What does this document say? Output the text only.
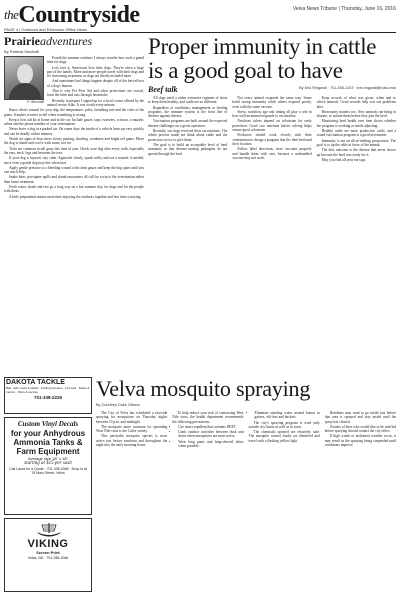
$^{the}$Countryside
PAGE 4 | Outdoors and Extension Office News
Velva News Tribune | Thursday, June 16, 2016
Prairieadventures
By Patricia Stockdill
P. Stockdill

Fourth the summer outdoors I always wonder how such a grand time for dogs.

Let's face it, Americans love their dogs. They're often a large part of the family. More and more people travel with their dogs and it's increasing awareness as dogs are finally included more.

And sometimes bad things happen despite all of the best efforts of a dog's human.

That is why Pet First Aid and other protections are crucial, from the bites and cuts through heatstroke.

Recently to prepare I signed up for a local course offered by the animal rescue folks. It was worth every minute.

Know what's normal for your dog: the temperature, pulse, breathing rate and the color of the gums. It makes it easier to tell when something is wrong.

Keep a first aid kit at home and in the car. Include gauze, tape, tweezers, scissors, a muzzle, saline and the phone number of your veterinarian.

Never leave a dog in a parked car. On warm days the inside of a vehicle heats up very quickly and can be deadly within minutes.

Watch for signs of heat stress: heavy panting, drooling, weakness and bright red gums. Move the dog to shade and cool it with water, not ice.

Ticks are common in tall grass this time of year. Check your dog after every walk, especially the ears, neck, legs and between the toes.

If your dog is injured, stay calm. Approach slowly, speak softly and use a muzzle if needed, since even a gentle dog may bite when hurt.

Apply gentle pressure to a bleeding wound with clean gauze and keep the dog quiet until you can reach help.

Snake bites, porcupine quills and skunk encounters all call for a trip to the veterinarian rather than home treatment.

Fresh water, shade and rest go a long way on a hot summer day, for dogs and for the people with them.

A little preparation means more time enjoying the outdoors together and less time worrying.

Proper immunity in cattle is a good goal to have
Beef talk	By Kris Ringwall · 701-456-1103 · kris.ringwall@ndsu.edu

All dogs need a rather extensive regimen of shots to keep them healthy, and cattle are no different.

Regardless of conditions, management or feeding programs, the immune system is the front line of defense against disease.

Vaccination programs are built around the expected disease challenges on a given operation.

Recently, our dogs received their vaccinations. The whole process made me think about cattle and the protection we try to give them.

The goal is to build an acceptable level of herd immunity so that disease-causing pathogens do not spread through the herd.

Not every animal responds the same way. Some build strong immunity while others respond poorly, even with the same vaccine.

Stress, nutrition, age and timing all play a role in how well an animal responds to vaccination.

Newborn calves depend on colostrum for early protection. Good cow nutrition before calving helps ensure good colostrum.

Producers should work closely with their veterinarian to design a program that fits their herd and their location.

Follow label directions, store vaccines properly and handle them with care, because a mishandled vaccine may not work.

Keep records of what was given, when and to which animals. Good records help sort out problems later.

Biosecurity matters too. New animals can bring in disease, so isolate them before they join the herd.

Monitoring herd health over time shows whether the program is working or needs adjusting.

Healthy cattle are more productive cattle, and a sound vaccination program is a good investment.

Immunity is not an all-or-nothing proposition. The goal is to tip the odds in favor of the animal.

The best outcome is the disease that never shows up because the herd was ready for it.

May you find all your ear tags.

DAKOTA TACKLE
Bait, rods, reels & tackle · Fishing licenses · Live bait · Boats & motors · Parts & service
701-338-2225
Custom Vinyl Decals
for your Anhydrous Ammonia Tanks & Farm Equipment
Average size 18" x 18"
starting at $15 per sash
Call Laura for a Quote · 701-338-2066 · Drop in at 75 Main Street, Velva
VIKING
Screen Print
Velva, ND · 701-338-2066
Velva mosquito spraying
By Courtney Duke Gibson

The City of Velva has scheduled a citywide spraying for mosquitoes on Thursday nights between 10 p.m. and midnight.

The mosquito more common for spreading West Nile virus is the Culex variety.

This particular mosquito species is most active just before sundown and throughout the night into the early morning hours.

To help reduce your risk of contracting West Nile virus, the health department recommends the following precautions:

• Use insect repellent that contains DEET.
• Limit outdoor activities between dusk and dawn when mosquitoes are most active.
• Wear long pants and long-sleeved shirts when possible.
• Eliminate standing water around homes in gutters, old tires and buckets.

The city's spraying program is used only outside city limits as well as in town.

The chemicals sprayed are relatively safe. The mosquito control trucks are identified and travel with a flashing yellow light.

Residents may want to go inside just before that area is sprayed and stay inside until the spray has cleared.

Owners of bees who would like to be notified before spraying should contact the city office.

If high winds or inclement weather occur, it may result in the spraying being suspended until conditions improve.
